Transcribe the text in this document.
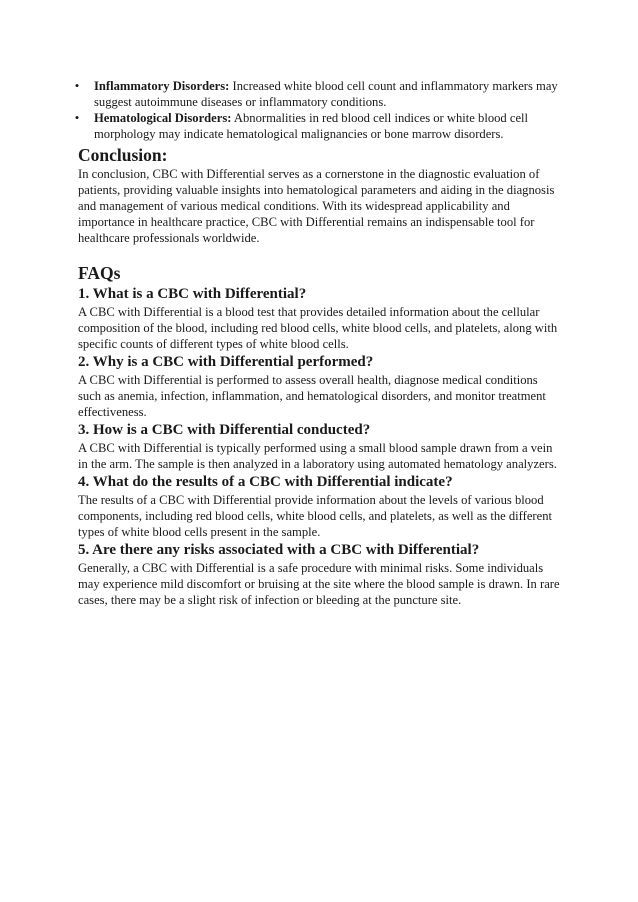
• Inflammatory Disorders: Increased white blood cell count and inflammatory markers may suggest autoimmune diseases or inflammatory conditions.
• Hematological Disorders: Abnormalities in red blood cell indices or white blood cell morphology may indicate hematological malignancies or bone marrow disorders.
Conclusion:

In conclusion, CBC with Differential serves as a cornerstone in the diagnostic evaluation of patients, providing valuable insights into hematological parameters and aiding in the diagnosis and management of various medical conditions. With its widespread applicability and importance in healthcare practice, CBC with Differential remains an indispensable tool for healthcare professionals worldwide.

FAQs
1. What is a CBC with Differential?

A CBC with Differential is a blood test that provides detailed information about the cellular composition of the blood, including red blood cells, white blood cells, and platelets, along with specific counts of different types of white blood cells.

2. Why is a CBC with Differential performed?

A CBC with Differential is performed to assess overall health, diagnose medical conditions such as anemia, infection, inflammation, and hematological disorders, and monitor treatment effectiveness.

3. How is a CBC with Differential conducted?

A CBC with Differential is typically performed using a small blood sample drawn from a vein in the arm. The sample is then analyzed in a laboratory using automated hematology analyzers.

4. What do the results of a CBC with Differential indicate?

The results of a CBC with Differential provide information about the levels of various blood components, including red blood cells, white blood cells, and platelets, as well as the different types of white blood cells present in the sample.

5. Are there any risks associated with a CBC with Differential?

Generally, a CBC with Differential is a safe procedure with minimal risks. Some individuals may experience mild discomfort or bruising at the site where the blood sample is drawn. In rare cases, there may be a slight risk of infection or bleeding at the puncture site.
